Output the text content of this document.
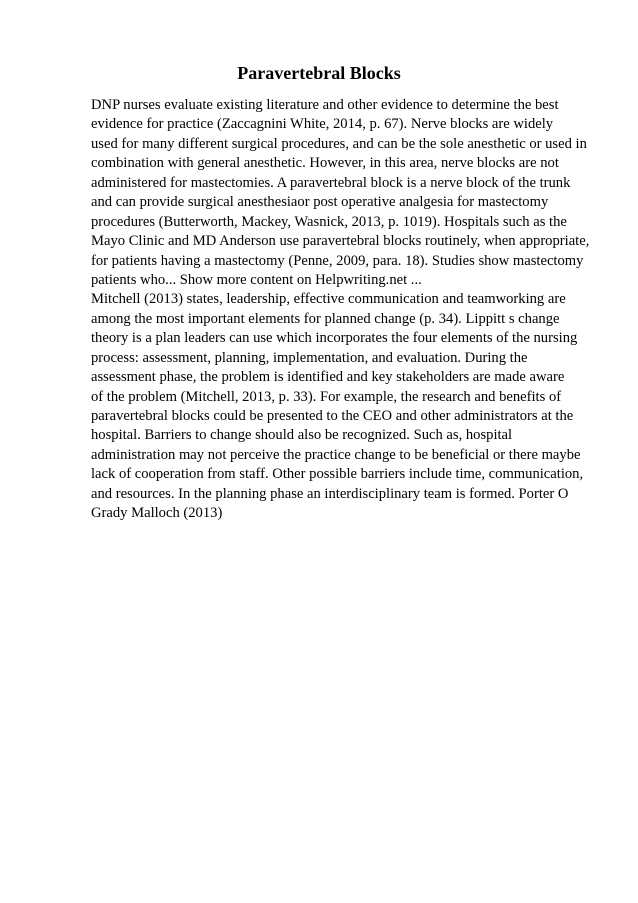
Paravertebral Blocks
DNP nurses evaluate existing literature and other evidence to determine the best
evidence for practice (Zaccagnini White, 2014, p. 67). Nerve blocks are widely
used for many different surgical procedures, and can be the sole anesthetic or used in
combination with general anesthetic. However, in this area, nerve blocks are not
administered for mastectomies. A paravertebral block is a nerve block of the trunk
and can provide surgical anesthesiaor post operative analgesia for mastectomy
procedures (Butterworth, Mackey, Wasnick, 2013, p. 1019). Hospitals such as the
Mayo Clinic and MD Anderson use paravertebral blocks routinely, when appropriate,
for patients having a mastectomy (Penne, 2009, para. 18). Studies show mastectomy
patients who... Show more content on Helpwriting.net ...
Mitchell (2013) states, leadership, effective communication and teamworking are
among the most important elements for planned change (p. 34). Lippitt s change
theory is a plan leaders can use which incorporates the four elements of the nursing
process: assessment, planning, implementation, and evaluation. During the
assessment phase, the problem is identified and key stakeholders are made aware
of the problem (Mitchell, 2013, p. 33). For example, the research and benefits of
paravertebral blocks could be presented to the CEO and other administrators at the
hospital. Barriers to change should also be recognized. Such as, hospital
administration may not perceive the practice change to be beneficial or there maybe
lack of cooperation from staff. Other possible barriers include time, communication,
and resources. In the planning phase an interdisciplinary team is formed. Porter O
Grady Malloch (2013)
